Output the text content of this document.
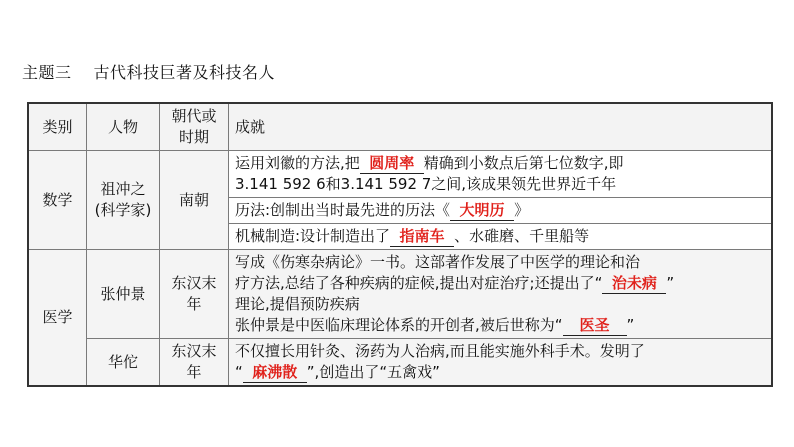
主题三 古代科技巨著及科技名人
类别	人物	朝代或时期	成就
数学	祖冲之(科学家)	南朝	运用刘徽的方法,把 圆周率 精确到小数点后第七位数字,即
3.141 592 6和3.141 592 7之间,该成果领先世界近千年

			历法:创制出当时最先进的历法《 大明历 》
			机械制造:设计制造出了 指南车 、水碓磨、千里船等
医学	张仲景	东汉末年	写成《伤寒杂病论》一书。这部著作发展了中医学的理论和治
疗方法,总结了各种疾病的症候,提出对症治疗;还提出了“ 治未病 ”
理论,提倡预防疾病
张仲景是中医临床理论体系的开创者,被后世称为“ 医圣 ”

	华佗	东汉末年	不仅擅长用针灸、汤药为人治病,而且能实施外科手术。发明了
“ 麻沸散 ”,创造出了“五禽戏”
